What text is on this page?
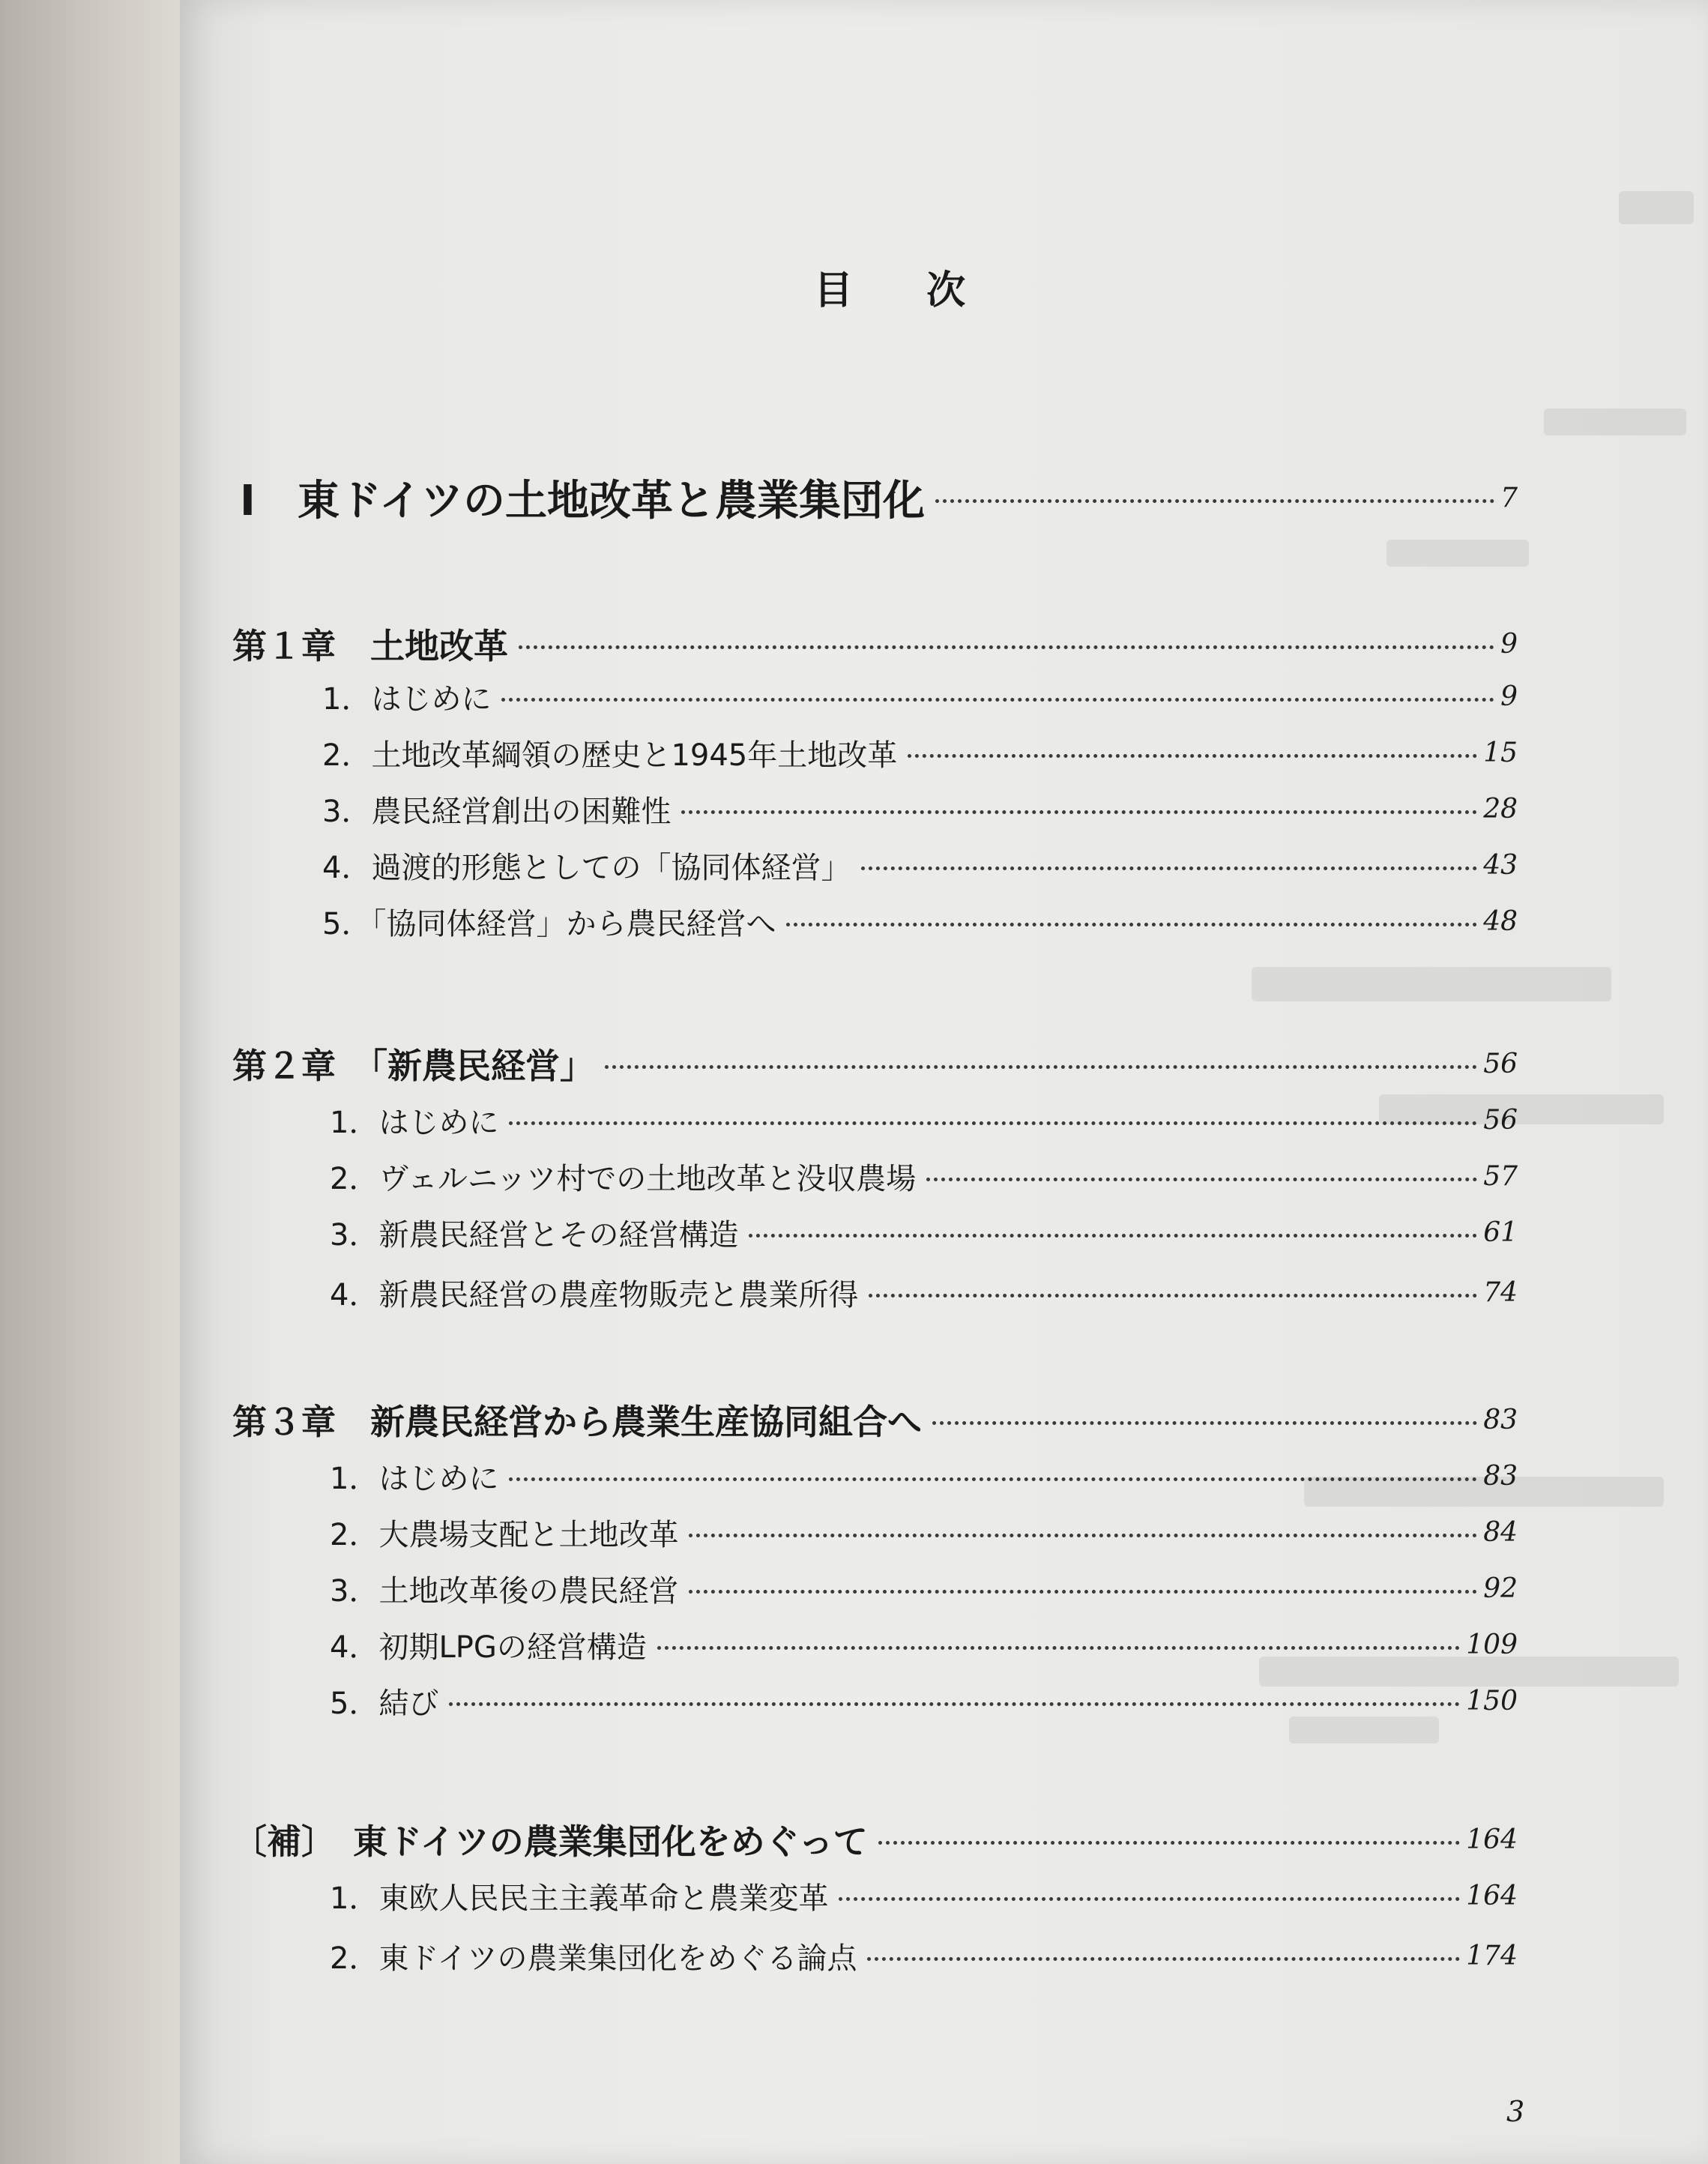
目 次
Ⅰ　東ドイツの土地改革と農業集団化	7
第１章　土地改革	9
1．はじめに	9
2．土地改革綱領の歴史と1945年土地改革	15
3．農民経営創出の困難性	28
4．過渡的形態としての「協同体経営」	43
5．「協同体経営」から農民経営へ	48
第２章　「新農民経営」	56
1．はじめに	56
2．ヴェルニッツ村での土地改革と没収農場	57
3．新農民経営とその経営構造	61
4．新農民経営の農産物販売と農業所得	74
第３章　新農民経営から農業生産協同組合へ	83
1．はじめに	83
2．大農場支配と土地改革	84
3．土地改革後の農民経営	92
4．初期LPGの経営構造	109
5．結び	150
〔補〕　東ドイツの農業集団化をめぐって	164
1．東欧人民民主主義革命と農業変革	164
2．東ドイツの農業集団化をめぐる論点	174
3
